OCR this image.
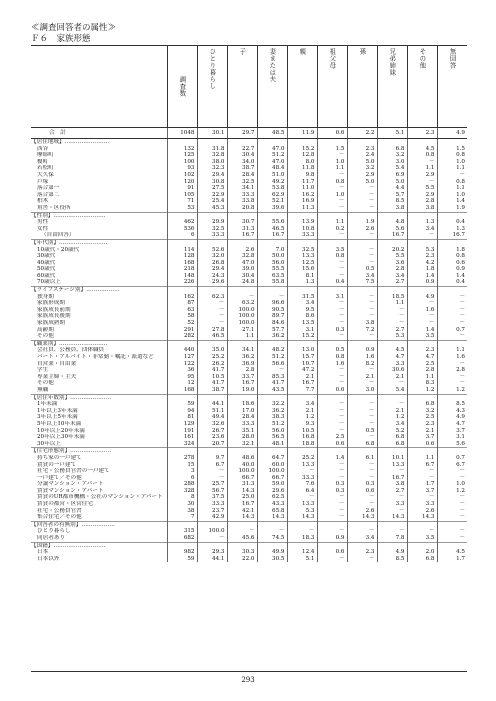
≪調査回答者の属性≫
Ｆ６　家族形態
	調査数	ひとり暮らし	子	妻または夫	親	祖父母	孫	兄弟姉妹	その他	無回答
合　計	1048	30.1	29.7	48.5	11.9	0.6	2.2	5.1	2.3	4.9
【居住地域】‥‥‥‥‥‥‥‥‥‥‥‥										
西谷	132	31.8	22.7	47.0	15.2	1.5	2.3	6.8	4.5	1.5
摩耶町	125	32.8	30.4	51.2	12.8	－	2.4	3.2	0.8	0.8
榎町	100	38.0	34.0	47.0	8.0	1.0	5.0	3.0	－	1.0
若松町	93	32.3	38.7	48.4	11.8	1.1	3.2	5.4	1.1	1.1
大久保	102	29.4	28.4	51.0	9.8	－	2.9	6.9	2.9	－
戸塚	120	30.8	32.5	49.2	11.7	0.8	5.0	5.0	－	0.8
落合第一	91	27.5	34.1	53.8	11.0	－	－	4.4	5.5	1.1
落合第二	105	22.9	33.3	62.9	16.2	1.0	－	5.7	2.9	1.0
柏木	71	25.4	33.8	52.1	16.9	－	－	8.5	2.8	1.4
角筈・区役所	53	45.3	20.8	39.6	11.3	－	－	3.8	3.8	1.9
【性別】‥‥‥‥‥‥‥‥‥‥‥‥‥‥										
男性	462	29.9	30.7	55.6	13.9	1.1	1.9	4.8	1.3	0.4
女性	536	32.5	31.3	46.5	10.8	0.2	2.6	5.6	3.4	1.3
（自由回答）	6	33.3	16.7	16.7	33.3	－	－	16.7	－	16.7
【年代別】‥‥‥‥‥‥‥‥‥‥‥‥‥										
10歳代・20歳代	114	52.6	2.6	7.0	32.5	3.5	－	20.2	5.3	1.8
30歳代	128	32.0	32.8	50.0	13.3	0.8	－	5.5	2.3	0.8
40歳代	168	26.8	47.0	56.0	12.5	－	－	3.6	4.2	0.6
50歳代	218	29.4	39.0	55.5	15.6	－	0.5	2.8	1.8	0.9
60歳代	148	24.3	30.4	63.5	8.1	－	3.4	3.4	1.4	1.4
70歳以上	226	29.6	24.8	55.8	1.3	0.4	7.5	2.7	0.9	0.4
【ライフステージ別】‥‥‥‥‥‥‥‥‥										
独身期	162	62.3	－	－	31.5	3.1	－	18.5	4.9	－
家族形成期	87	－	63.2	96.6	3.4	－	－	1.1	－	－
家族成長前期	63	－	100.0	90.5	9.5	－	－	－	1.6	－
家族成長後期	58	－	100.0	89.7	8.6	－	－	－	－	－
家族成熟期	52	－	100.0	84.6	13.5	－	3.8	－	－	－
高齢期	291	27.8	27.1	57.7	3.1	0.3	7.2	2.7	1.4	0.7
その他	282	46.5	1.1	36.2	15.2	－	－	5.3	3.5	－
【職業別】‥‥‥‥‥‥‥‥‥‥‥‥‥										
会社員、公務員、団体職員	440	35.0	34.1	48.2	13.0	0.5	0.9	4.5	2.3	1.1
パート・アルバイト・非常勤・嘱託・派遣など	127	25.2	36.2	51.2	15.7	0.8	1.6	4.7	4.7	1.6
自営業・自由業	122	26.2	36.9	56.6	10.7	1.6	8.2	3.3	2.5	－
学生	36	41.7	2.8	－	47.2	－	－	30.6	2.8	2.8
専業主婦・主夫	95	10.5	33.7	85.3	2.1	－	2.1	2.1	1.1	－
その他	12	41.7	16.7	41.7	16.7	－	－	－	8.3	－
無職	168	38.7	19.0	43.5	7.7	0.6	3.0	5.4	1.2	1.2
【居住年数別】‥‥‥‥‥‥‥‥‥‥‥										
1年未満	59	44.1	18.6	32.2	3.4	－	－	－	6.8	8.5
1年以上3年未満	94	51.1	17.0	36.2	2.1	－	－	2.1	3.2	4.3
3年以上5年未満	81	49.4	28.4	38.3	1.2	－	－	1.2	2.5	4.9
5年以上10年未満	129	32.6	33.3	51.2	9.3	－	－	3.4	2.3	4.7
10年以上20年未満	191	26.7	35.1	56.0	10.5	－	0.5	5.2	2.1	3.7
20年以上30年未満	161	23.6	28.0	56.5	16.8	2.5	－	6.8	3.7	3.1
30年以上	324	20.7	32.1	48.1	18.8	0.6	6.8	6.8	0.6	5.6
【住宅形態別】‥‥‥‥‥‥‥‥‥‥‥										
持ち家の一戸建て	278	9.7	48.6	64.7	25.2	1.4	6.1	10.1	1.1	0.7
賃貸の一戸建て	15	6.7	40.0	60.0	13.3	－	－	13.3	6.7	6.7
社宅・公務員官舎の一戸建て	3	－	100.0	100.0	－	－	－	－	－	－
一戸建て／その他	6	－	66.7	66.7	33.3	－	－	16.7	－	－
分譲マンション・アパート	288	25.7	31.3	59.0	7.6	0.3	0.3	3.8	1.7	1.0
賃貸マンション・アパート	328	56.7	14.3	29.6	6.4	0.3	0.6	2.7	3.7	1.2
賃貸のUR都市機構・公社のマンション・アパート	8	37.5	25.0	62.5	－	－	－	－	－	－
賃貸の都営・区営住宅	30	33.3	16.7	43.3	13.3	－	－	3.3	3.3	－
社宅・公務員官舎	38	23.7	42.1	65.8	5.3	－	2.6	－	2.6	－
集合住宅／その他	7	42.9	14.3	14.3	14.3	－	14.3	14.3	14.3	－
【回答者の有無別】‥‥‥‥‥‥‥‥‥										
ひとり暮らし	315	100.0	－	－	－	－	－	－	－	－
同居者あり	682	－	45.6	74.5	18.3	0.9	3.4	7.8	3.5	－
【国籍】‥‥‥‥‥‥‥‥‥‥‥‥‥‥										
日本	982	29.3	30.3	49.9	12.4	0.6	2.3	4.9	2.0	4.5
日本以外	59	44.1	22.0	30.5	5.1	－	－	8.5	6.8	1.7
293
